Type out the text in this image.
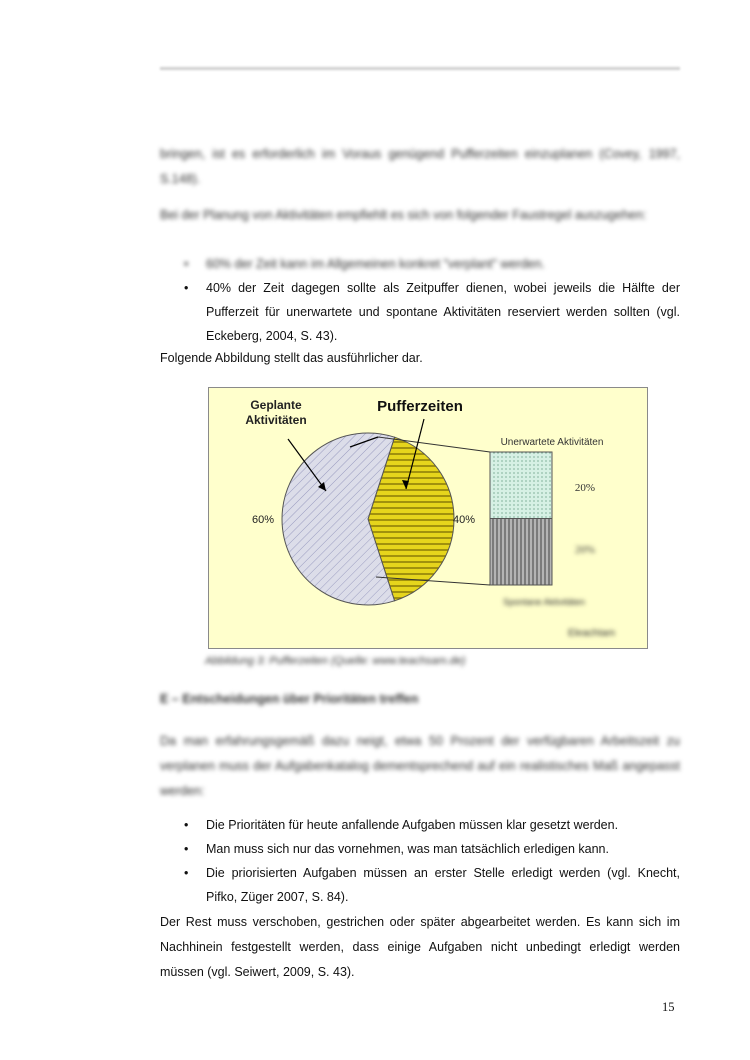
bringen, ist es erforderlich im Voraus genügend Pufferzeiten einzuplanen (Covey, 1997, S.148).

Bei der Planung von Aktivitäten empfiehlt es sich von folgender Faustregel auszugehen:

• 60% der Zeit kann im Allgemeinen konkret "verplant" werden.
• 40% der Zeit dagegen sollte als Zeitpuffer dienen, wobei jeweils die Hälfte der Pufferzeit für unerwartete und spontane Aktivitäten reserviert werden sollten (vgl. Eckeberg, 2004, S. 43).

Folgende Abbildung stellt das ausführlicher dar.

Geplante
Aktivitäten
Pufferzeiten
60%	40%
Unerwartete Aktivitäten
20%
20%
Spontane Aktivitäten
Eleachtam
Abbildung 3: Pufferzeiten (Quelle: www.teachsam.de)
E – Entscheidungen über Prioritäten treffen

Da man erfahrungsgemäß dazu neigt, etwa 50 Prozent der verfügbaren Arbeitszeit zu verplanen muss der Aufgabenkatalog dementsprechend auf ein realistisches Maß angepasst werden:

• Die Prioritäten für heute anfallende Aufgaben müssen klar gesetzt werden.
• Man muss sich nur das vornehmen, was man tatsächlich erledigen kann.
• Die priorisierten Aufgaben müssen an erster Stelle erledigt werden (vgl. Knecht, Pifko, Züger 2007, S. 84).

Der Rest muss verschoben, gestrichen oder später abgearbeitet werden. Es kann sich im Nachhinein festgestellt werden, dass einige Aufgaben nicht unbedingt erledigt werden müssen (vgl. Seiwert, 2009, S. 43).

15
